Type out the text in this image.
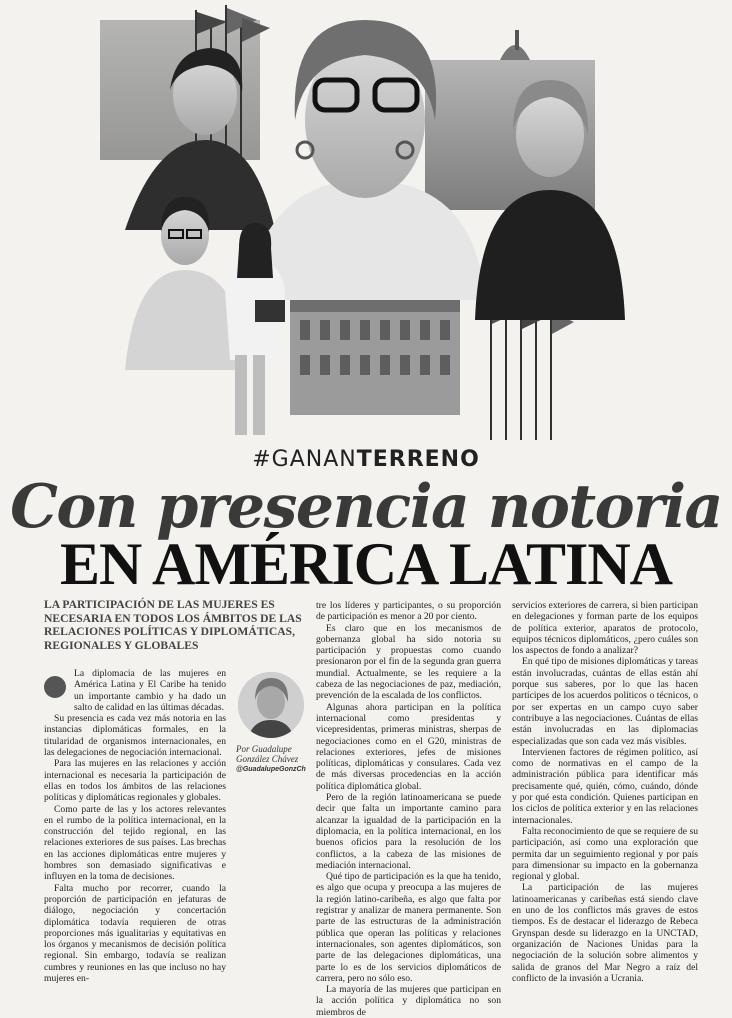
#GANANTERRENO
Con presencia notoria
EN AMÉRICA LATINA
LA PARTICIPACIÓN DE LAS MUJERES ES NECESARIA EN TODOS LOS ÁMBITOS DE LAS RELACIONES POLÍTICAS Y DIPLOMÁTICAS, REGIONALES Y GLOBALES
Por Guadalupe
González Chávez
@GuadalupeGonzCh

La diplomacia de las mujeres en América Latina y El Caribe ha tenido un importante cambio y ha dado un salto de calidad en las últimas décadas.

Su presencia es cada vez más notoria en las instancias diplomáticas formales, en la titularidad de organismos internacionales, en las delegaciones de negociación internacional.

Para las mujeres en las relaciones y acción internacional es necesaria la participación de ellas en todos los ámbitos de las relaciones políticas y diplomáticas regionales y globales.

Como parte de las y los actores relevantes en el rumbo de la política internacional, en la construcción del tejido regional, en las relaciones exteriores de sus países. Las brechas en las acciones diplomáticas entre mujeres y hombres son demasiado significativas e influyen en la toma de decisiones.

Falta mucho por recorrer, cuando la proporción de participación en jefaturas de diálogo, negociación y concertación diplomática todavía requieren de otras proporciones más igualitarias y equitativas en los órganos y mecanismos de decisión política regional. Sin embargo, todavía se realizan cumbres y reuniones en las que incluso no hay mujeres en-

tre los líderes y participantes, o su proporción de participación es menor a 20 por ciento.

Es claro que en los mecanismos de gobernanza global ha sido notoria su participación y propuestas como cuando presionaron por el fin de la segunda gran guerra mundial. Actualmente, se les requiere a la cabeza de las negociaciones de paz, mediación, prevención de la escalada de los conflictos.

Algunas ahora participan en la política internacional como presidentas y vicepresidentas, primeras ministras, sherpas de negociaciones como en el G20, ministras de relaciones exteriores, jefes de misiones políticas, diplomáticas y consulares. Cada vez de más diversas procedencias en la acción política diplomática global.

Pero de la región latinoamericana se puede decir que falta un importante camino para alcanzar la igualdad de la participación en la diplomacia, en la política internacional, en los buenos oficios para la resolución de los conflictos, a la cabeza de las misiones de mediación internacional.

Qué tipo de participación es la que ha tenido, es algo que ocupa y preocupa a las mujeres de la región latino-caribeña, es algo que falta por registrar y analizar de manera permanente. Son parte de las estructuras de la administración pública que operan las políticas y relaciones internacionales, son agentes diplomáticos, son parte de las delegaciones diplomáticas, una parte lo es de los servicios diplomáticos de carrera, pero no sólo eso.

La mayoría de las mujeres que participan en la acción política y diplomática no son miembros de

servicios exteriores de carrera, si bien participan en delegaciones y forman parte de los equipos de política exterior, aparatos de protocolo, equipos técnicos diplomáticos, ¿pero cuáles son los aspectos de fondo a analizar?

En qué tipo de misiones diplomáticas y tareas están involucradas, cuántas de ellas están ahí porque sus saberes, por lo que las hacen partícipes de los acuerdos políticos o técnicos, o por ser expertas en un campo cuyo saber contribuye a las negociaciones. Cuántas de ellas están involucradas en las diplomacias especializadas que son cada vez más visibles.

Intervienen factores de régimen político, así como de normativas en el campo de la administración pública para identificar más precisamente qué, quién, cómo, cuándo, dónde y por qué esta condición. Quienes participan en los ciclos de política exterior y en las relaciones internacionales.

Falta reconocimiento de que se requiere de su participación, así como una exploración que permita dar un seguimiento regional y por país para dimensionar su impacto en la gobernanza regional y global.

La participación de las mujeres latinoamericanas y caribeñas está siendo clave en uno de los conflictos más graves de estos tiempos. Es de destacar el liderazgo de Rebeca Grynspan desde su liderazgo en la UNCTAD, organización de Naciones Unidas para la negociación de la solución sobre alimentos y salida de granos del Mar Negro a raíz del conflicto de la invasión a Ucrania.
